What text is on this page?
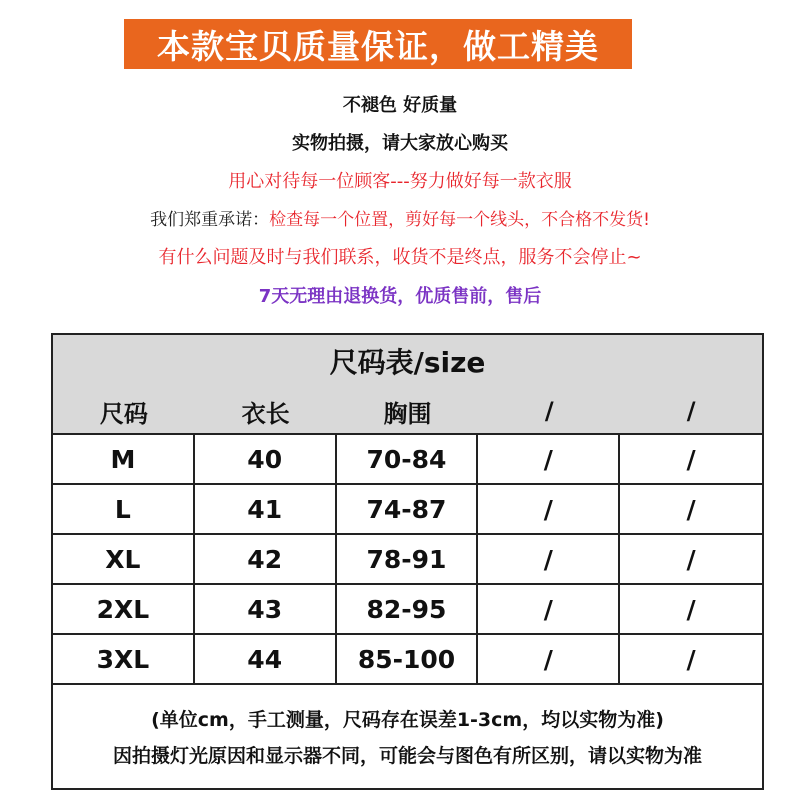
本款宝贝质量保证，做工精美
不褪色 好质量
实物拍摄，请大家放心购买
用心对待每一位顾客---努力做好每一款衣服
我们郑重承诺：检查每一个位置，剪好每一个线头，不合格不发货!
有什么问题及时与我们联系，收货不是终点，服务不会停止~
7天无理由退换货，优质售前，售后
尺码表/size
尺码	衣长	胸围	/	/
M	40	70-84	/	/
L	41	74-87	/	/
XL	42	78-91	/	/
2XL	43	82-95	/	/
3XL	44	85-100	/	/
(单位cm，手工测量，尺码存在误差1-3cm，均以实物为准)
因拍摄灯光原因和显示器不同，可能会与图色有所区别，请以实物为准
